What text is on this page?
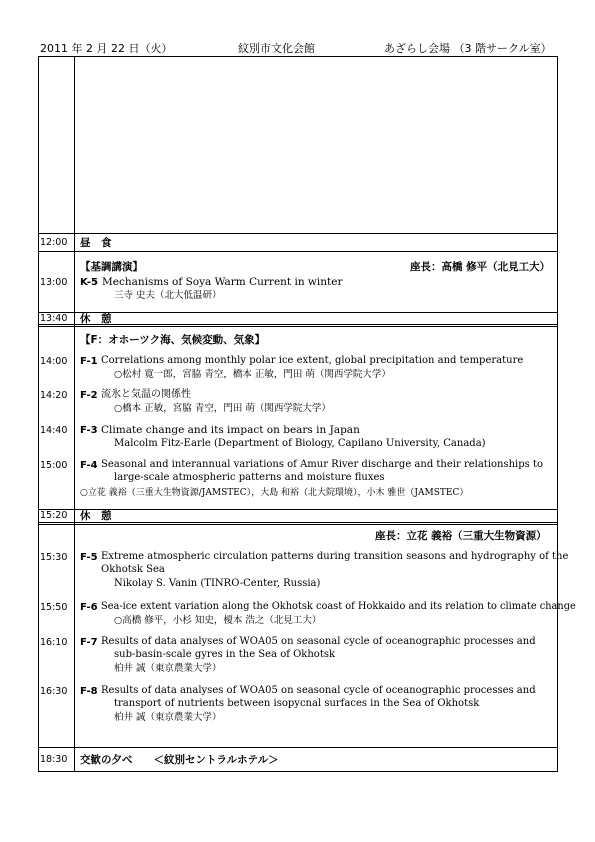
2011 年 2 月 22 日（火）	紋別市文化会館	あざらし会場 （3 階サークル室）
12:00 昼　食
【基調講演】	座長：高橋 修平（北見工大）
13:00 K-5 Mechanisms of Soya Warm Current in winter
三寺 史夫（北大低温研）
13:40 休　憩
【F：オホーツク海、気候変動、気象】
14:00 F-1 Correlations among monthly polar ice extent, global precipitation and temperature
○松村 寛一郎，宮脇 青空，橋本 正敏，門田 萌（関西学院大学）
14:20 F-2 流氷と気温の関係性
○橋本 正敏，宮脇 青空，門田 萌（関西学院大学）
14:40 F-3 Climate change and its impact on bears in Japan
Malcolm Fitz-Earle (Department of Biology, Capilano University, Canada)
15:00 F-4 Seasonal and interannual variations of Amur River discharge and their relationships to
large-scale atmospheric patterns and moisture fluxes
○立花 義裕（三重大生物資源/JAMSTEC），大島 和裕（北大院環境），小木 雅世（JAMSTEC）
15:20 休　憩
座長：立花 義裕（三重大生物資源）
15:30 F-5 Extreme atmospheric circulation patterns during transition seasons and hydrography of the
Okhotsk Sea
Nikolay S. Vanin (TINRO-Center, Russia)
15:50 F-6 Sea-ice extent variation along the Okhotsk coast of Hokkaido and its relation to climate change
○高橋 修平，小杉 知史，榎本 浩之（北見工大）
16:10 F-7 Results of data analyses of WOA05 on seasonal cycle of oceanographic processes and
sub-basin-scale gyres in the Sea of Okhotsk
柏井 誠（東京農業大学）
16:30 F-8 Results of data analyses of WOA05 on seasonal cycle of oceanographic processes and
transport of nutrients between isopycnal surfaces in the Sea of Okhotsk
柏井 誠（東京農業大学）
18:30 交歓の夕べ　　＜紋別セントラルホテル＞
